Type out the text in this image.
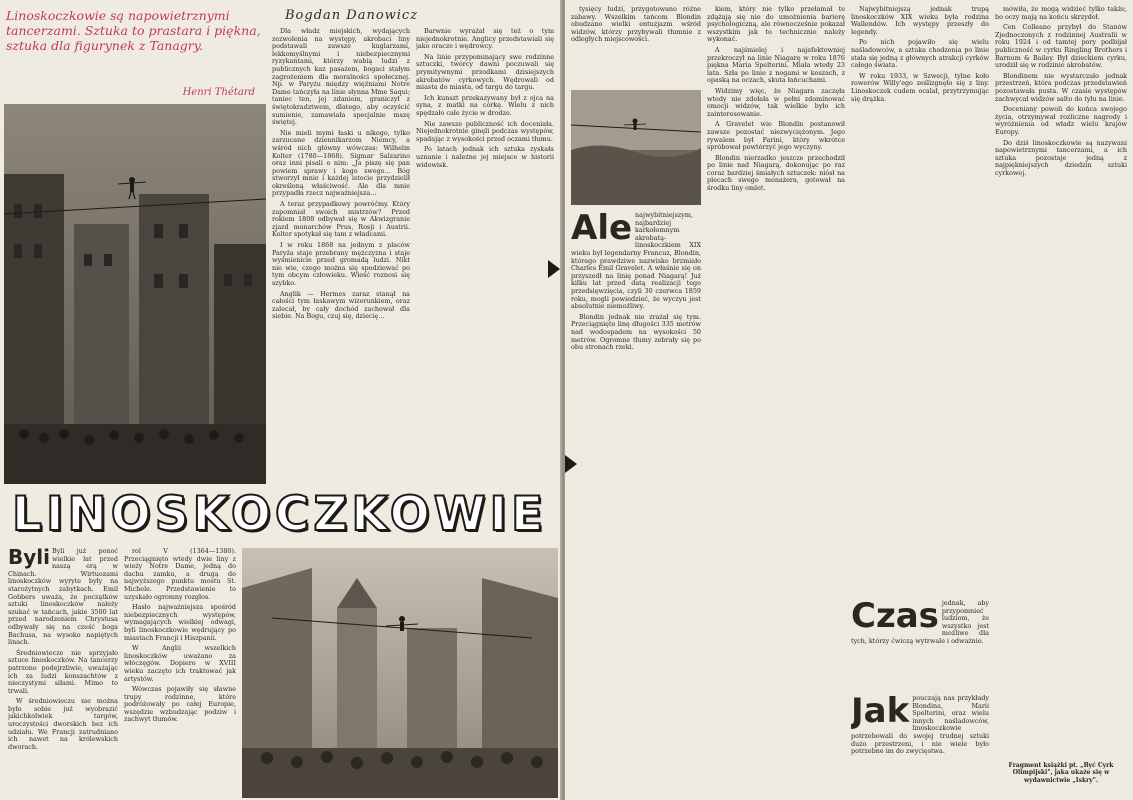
Linoskoczkowie są napowietrznymi tancerzami. Sztuka to prastara i piękna, sztuka dla figurynek z Tanagry.
Henri Thétard
Bogdan Danowicz

Dla władz miejskich, wydających zezwolenia na występy, akrobaci liny podstawali zawsze kuglarzami, lekkomyślnymi i niebezpiecznymi ryzykantami, którzy wabią ludzi z publicznych kaz pasażem, bogaci stałym zagrożeniem dla moralności społecznej. Np. w Paryżu między więźniami Notre Dame tańczyła na linie słynna Mme Saqui; taniec ten, jej zdaniem, graniczył z świętokradztwem, dlatego, aby oczyścić sumienie, zamawiała specjalnie mszę świętej.

Nie mieli mymi łaski u nikogo, tylko zarzucane dziennikarzom Niemcy, a wśród nich główny wówczas: Wilhelm Kolter (1780—1868). Sigmar Salzarino oraz inni pisali o nim: „Ja piszę się pan powiem sprawy i kogo swego… Bóg stworzył mnie i każdej istocie przydzielił określoną właściwość. Ale dla mnie przypadła rzecz najważniejsza…

A teraz przypadkowy powróćmy. Który zapomniał swoich mistrzów? Przed rokiem 1808 odbywał się w Akwizgranie zjazd monarchów Prus, Rosji i Austrii. Kolter spotykał się tam z władcami.

I w roku 1868 na jednym z placów Paryża staje przebrany mężczyzna i staje wyśmienicie przed gromadą ludzi. Nikt nie wie, czego można się spodziewać po tym obcym człowieku. Wieść roznosi się szybko.

Anglik — Hermes zaraz stanął na całości tym łaskawym wizerunkiem, oraz zalecał, by cały dochód zachował dla siebie. Na Bogu, czuj się, dziecię…

Barwnie wyrażał się też o tym niejednokrotnie. Anglicy przedstawiali się jako oracze i wędrowcy.

Na linie przypominający swe rodzinne sztuczki, twórcy dawni poczuwali się prymitywnymi przodkami dzisiejszych akrobatów cyrkowych. Wędrowali od miasta do miasta, od targu do targu.

Ich kunszt przekazywany był z ojca na syna, z matki na córkę. Wielu z nich spędzało całe życie w drodze.

Nie zawsze publiczność ich doceniała. Niejednokrotnie ginęli podczas występów, spadając z wysokości przed oczami tłumu.

Po latach jednak ich sztuka zyskała uznanie i należne jej miejsce w historii widowisk.

LINOSKOCZKOWIE
Byli Byli już ponoć wielkie lat przed naszą erą w Chinach. Wirtuozami linoskoczków wyryte były na starożytnych zabytkach. Emil Gobbers uważa, że początków sztuki linoskoczków należy szukać w tańcach, jakie 3500 lat przed narodzeniem Chrystusa odbywały się na cześć boga Bachusa, na wysoko napiętych linach.

Średniowiecze nie sprzyjało sztuce linoskoczków. Na tancerzy patrzono podejrzliwie, uważając ich za ludzi konszachtów z nieczystymi siłami. Mimo to trwali.

W średniowieczu nie można było sobie już wyobrazić jakichkolwiek targów, uroczystości dworskich bez ich udziału. We Francji zatrudniano ich nawet na królewskich dworach.

rol V (1364—1380). Przeciągnięto wtedy dwie liny z wieży Notre Dame, jedną do dachu zamku, a drugą do najwyższego punktu mostu St. Michele. Przedstawienie to uzyskało ogromny rozgłos.

Hasło najważniejsza spośród niebezpiecznych występów, wymagających wielkiej odwagi, byli linoskoczkowie wędrujący po miastach Francji i Hiszpanii.

W Anglii wszelkich linoskoczków uważano za włóczęgów. Dopiero w XVIII wieku zaczęto ich traktować jak artystów.

Wówczas pojawiły się sławne trupy rodzinne, które podróżowały po całej Europie, wszędzie wzbudzając podziw i zachwyt tłumów.

tysięcy ludzi, przygotowano różne zabawy. Wszelkim tańcom Blondin obudzano wielki entuzjazm wśród widzów, którzy przybywali tłumnie z odległych miejscowości.

Ale najwybitniejszym, najbardziej karkołomnym akrobatą-linoskoczkiem XIX wieku był legendarny Francuz, Blondin, którego prawdziwe nazwisko brzmiało Charles Emil Gravelet. A właśnie się on przyszedł na linię ponad Niagarą! Już kilku lat przed datą realizacji tego przedsięwzięcia, czyli 30 czerwca 1859 roku, mogli powiedzieć, że wyczyn jest absolutnie niemożliwy.

Blondin jednak nie zrażał się tym. Przeciągnięto linę długości 335 metrów nad wodospadem na wysokości 50 metrów. Ogromne tłumy zebrały się po obu stronach rzeki.

kiem, który nie tylko przełamał te zdążają się nie do umożnienia barierę psychologiczną, ale równocześnie pokazał wszystkim jak to technicznie należy wykonać.

A najśmielej i najefektowniej przekroczył na linie Niagarę w roku 1876 piękna Maria Spelterini. Miała wtedy 23 lata. Szła po linie z nogami w koszach, z opaską na oczach, skuta łańcuchami.

Widzimy więc, że Niagara zaczęła wtedy nie zdołała w pełni zdominować emocji widzów, tak wielkie było ich zainteresowanie.

A Gravelet wie Blondin postanowił zawsze pozostać niezwyciężonym. Jego rywalem był Farini, który wkrótce spróbował powtórzyć jego wyczyny.

Blondin nierzadko jeszcze przechodził po linie nad Niagarą, dokonując po raz coraz bardziej śmiałych sztuczek: niósł na plecach swego menażera, gotował na środku liny omlet.

Najwybitniejszą jednak trupą linoskoczków XIX wieku była rodzina Wallendów. Ich występy przeszły do legendy.

Po nich pojawiło się wielu naśladowców, a sztuka chodzenia po linie stała się jedną z głównych atrakcji cyrków całego świata.

W roku 1933, w Szwecji, tylne koło rowerów Willy'ego ześlizgnęło się z liny. Linoskoczek cudem ocalał, przytrzymując się drążka.

Czas jednak, aby przypomnieć ludziom, że wszystko jest możliwe dla tych, którzy ćwiczą wytrwale i odważnie.

Jak pouczają nas przykłady Blondina, Marii Spelterini, oraz wielu innych naśladowców, linoskoczkowie potrzebowali do swojej trudnej sztuki dużo przestrzeni, i nie wiele było potrzebne im do zwycięstwa.

mówiła, że mogą widzieć tylko także, bo oczy mają na końcu skrzydeł.

Cen Colleano przybył do Stanów Zjednoczonych z rodzinnej Australii w roku 1924 i od tamtej pory podbijał publiczność w cyrku Ringling Brothers i Barnum & Bailey. Był dzieckiem cyrku, urodził się w rodzinie akrobatów.

Blondinem nie wystarczało jednak przestrzeń, która podczas przedstawień pozostawała pusta. W czasie występów zachwycał widzów salto do tyłu na linie.

Doceniany powoli do końca swojego życia, otrzymywał rozliczne nagrody i wyróżnienia od władz wielu krajów Europy.

Do dziś linoskoczkowie są nazywani napowietrznymi tancerzami, a ich sztuka pozostaje jedną z najpiękniejszych dziedzin sztuki cyrkowej.

Fragment książki pt. „Być Cyrk Olimpijski", jaka ukaże się w wydawnictwie „Iskry".
